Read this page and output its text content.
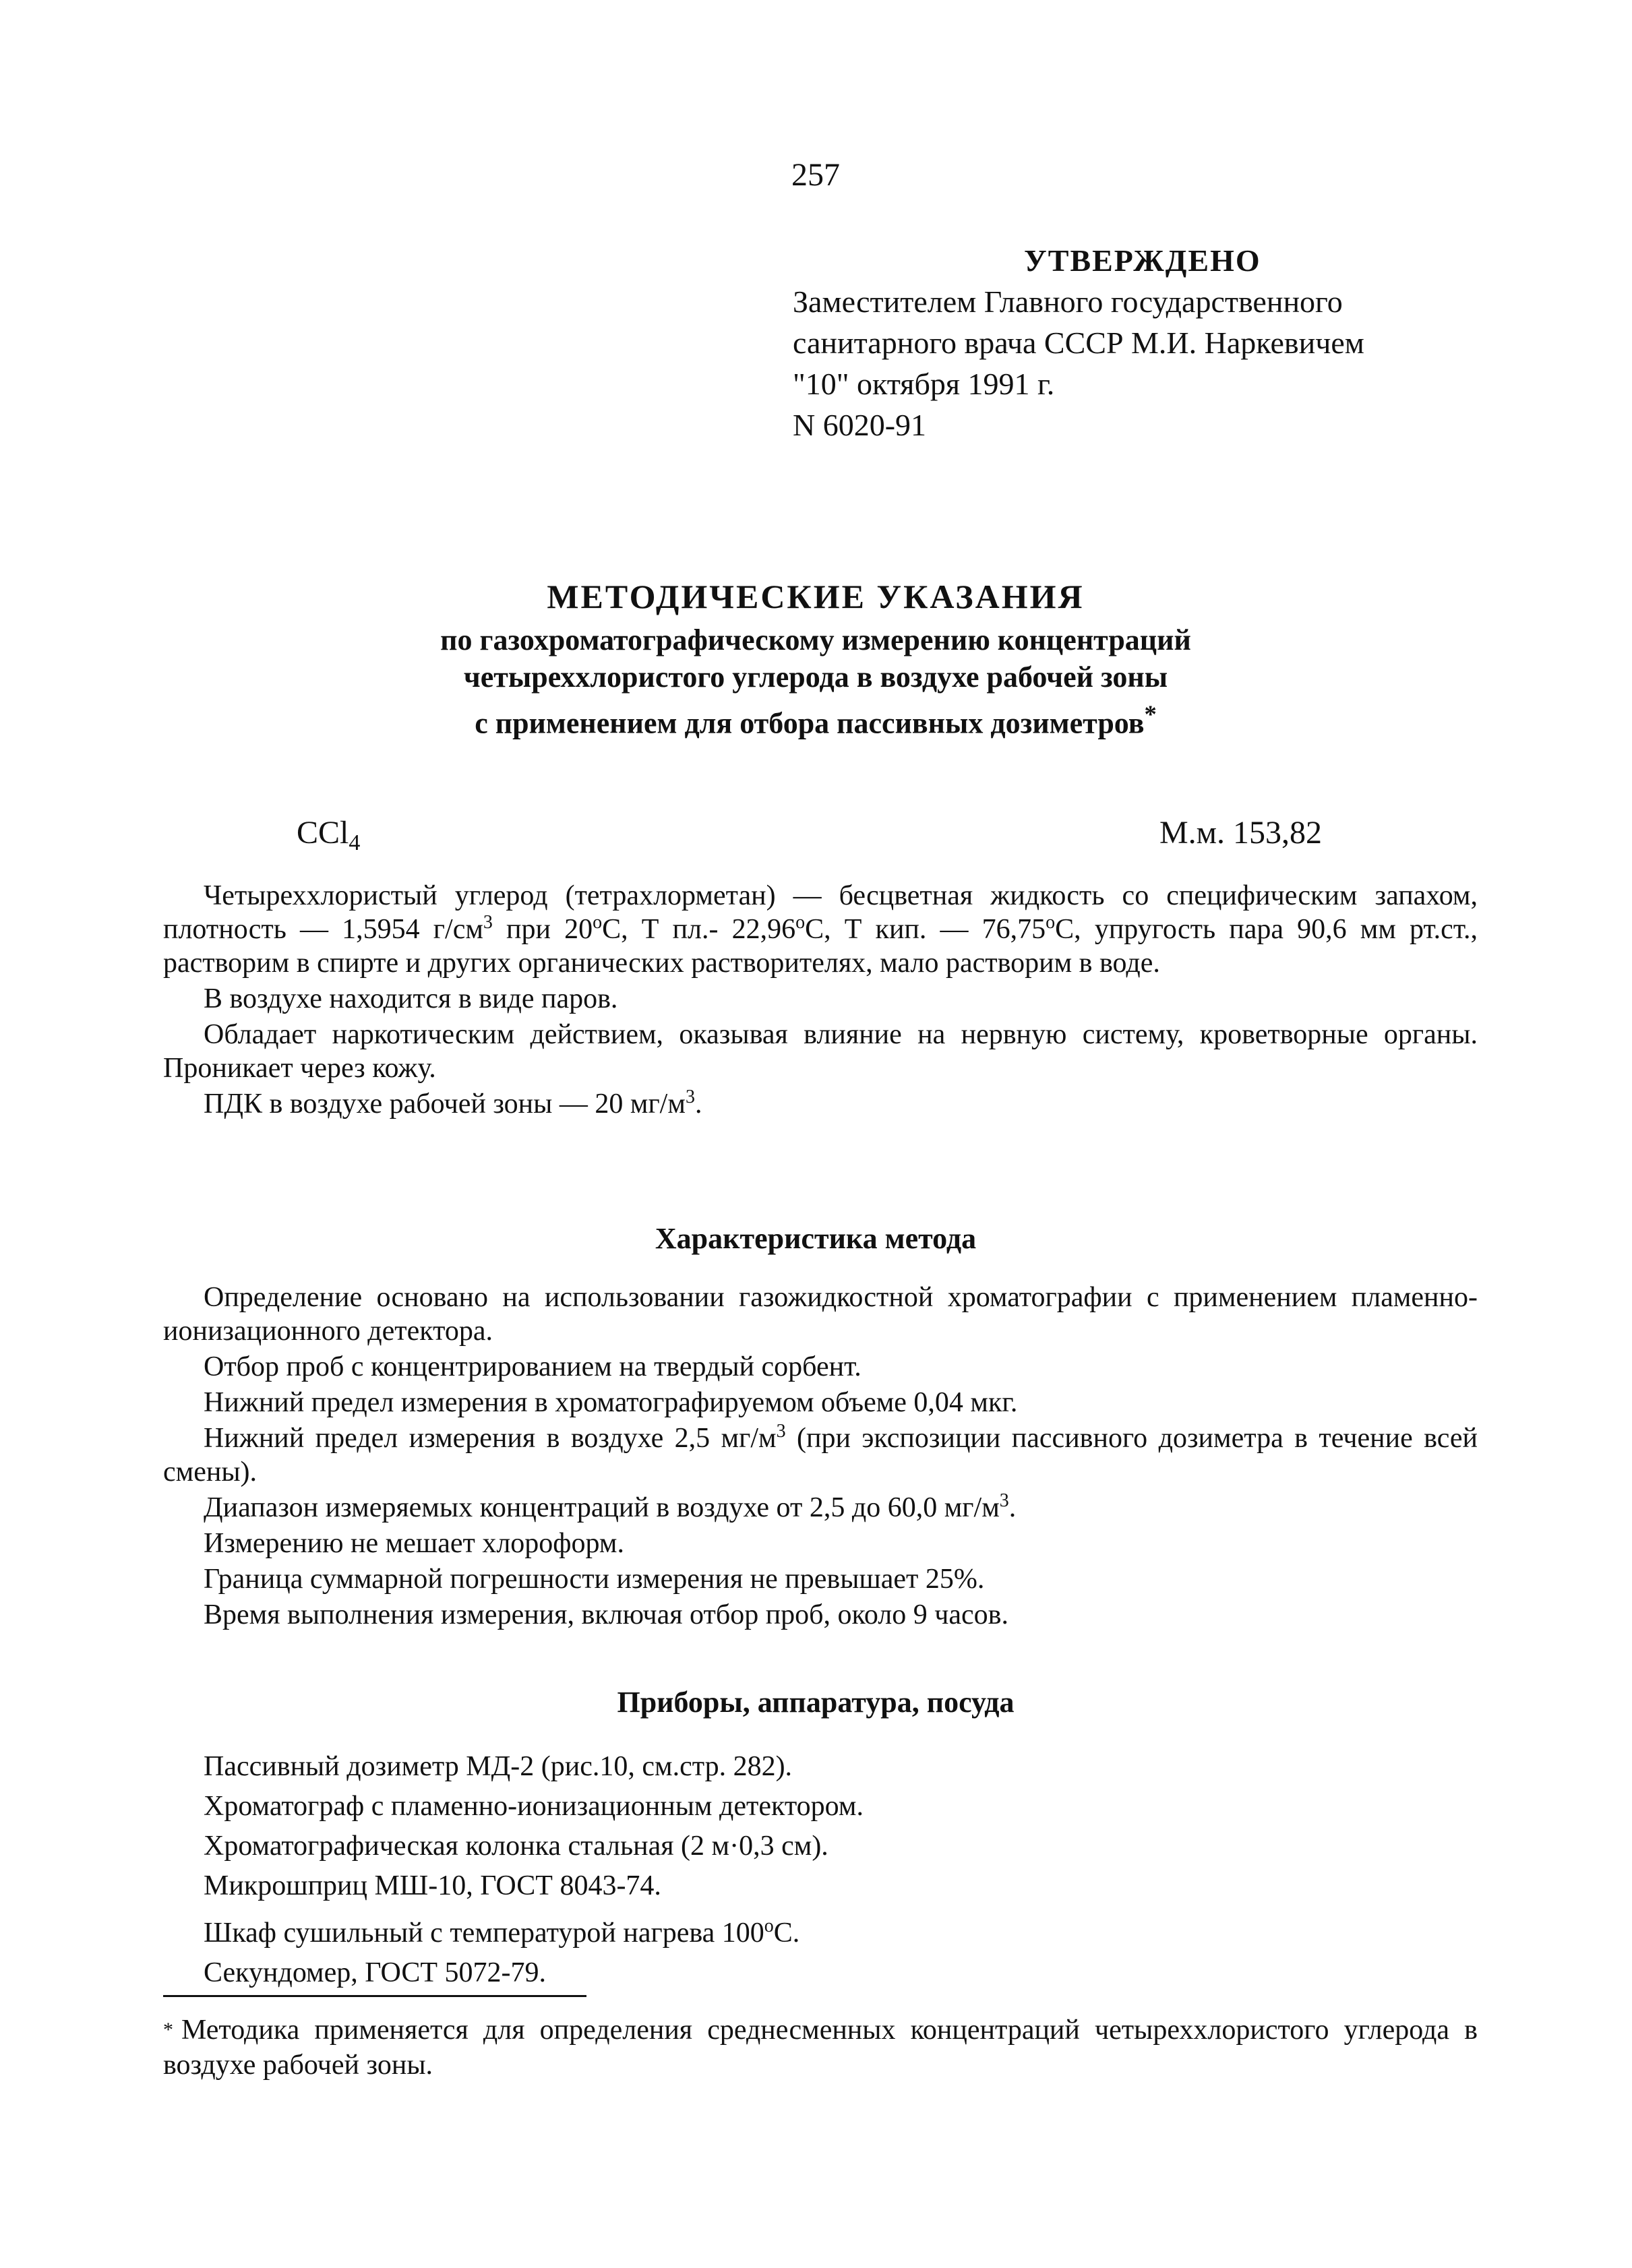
257
УТВЕРЖДЕНО
Заместителем Главного государственного
санитарного врача СССР М.И. Наркевичем
"10" октября 1991 г.
N 6020-91
МЕТОДИЧЕСКИЕ УКАЗАНИЯ
по газохроматографическому измерению концентраций
четыреххлористого углерода в воздухе рабочей зоны
с применением для отбора пассивных дозиметров*
CCl$_4$	М.м. 153,82

Четыреххлористый углерод (тетрахлорметан) — бесцветная жидкость со специфическим запахом, плотность — 1,5954 $г/см^3$ при $20^оС$, Т пл.- $22,96^оС$, Т кип. — $76,75^оС$, упругость пара 90,6 мм рт.ст., растворим в спирте и других органических растворителях, мало растворим в воде.

В воздухе находится в виде паров.

Обладает наркотическим действием, оказывая влияние на нервную систему, кроветворные органы. Проникает через кожу.

ПДК в воздухе рабочей зоны — 20 $мг/м^3$.

Характеристика метода

Определение основано на использовании газожидкостной хроматографии с применением пламенно-ионизационного детектора.

Отбор проб с концентрированием на твердый сорбент.

Нижний предел измерения в хроматографируемом объеме 0,04 мкг.

Нижний предел измерения в воздухе 2,5 $мг/м^3$ (при экспозиции пассивного дозиметра в течение всей смены).

Диапазон измеряемых концентраций в воздухе от 2,5 до 60,0 $мг/м^3$.

Измерению не мешает хлороформ.

Граница суммарной погрешности измерения не превышает 25%.

Время выполнения измерения, включая отбор проб, около 9 часов.

Приборы, аппаратура, посуда
Пассивный дозиметр МД-2 (рис.10, см.стр. 282).
Хроматограф с пламенно-ионизационным детектором.
Хроматографическая колонка стальная (2 м·0,3 см).
Микрошприц МШ-10, ГОСТ 8043-74.
Шкаф сушильный с температурой нагрева $100^оС$.
Секундомер, ГОСТ 5072-79.
* Методика применяется для определения среднесменных концентраций четыреххлористого углерода в воздухе рабочей зоны.
